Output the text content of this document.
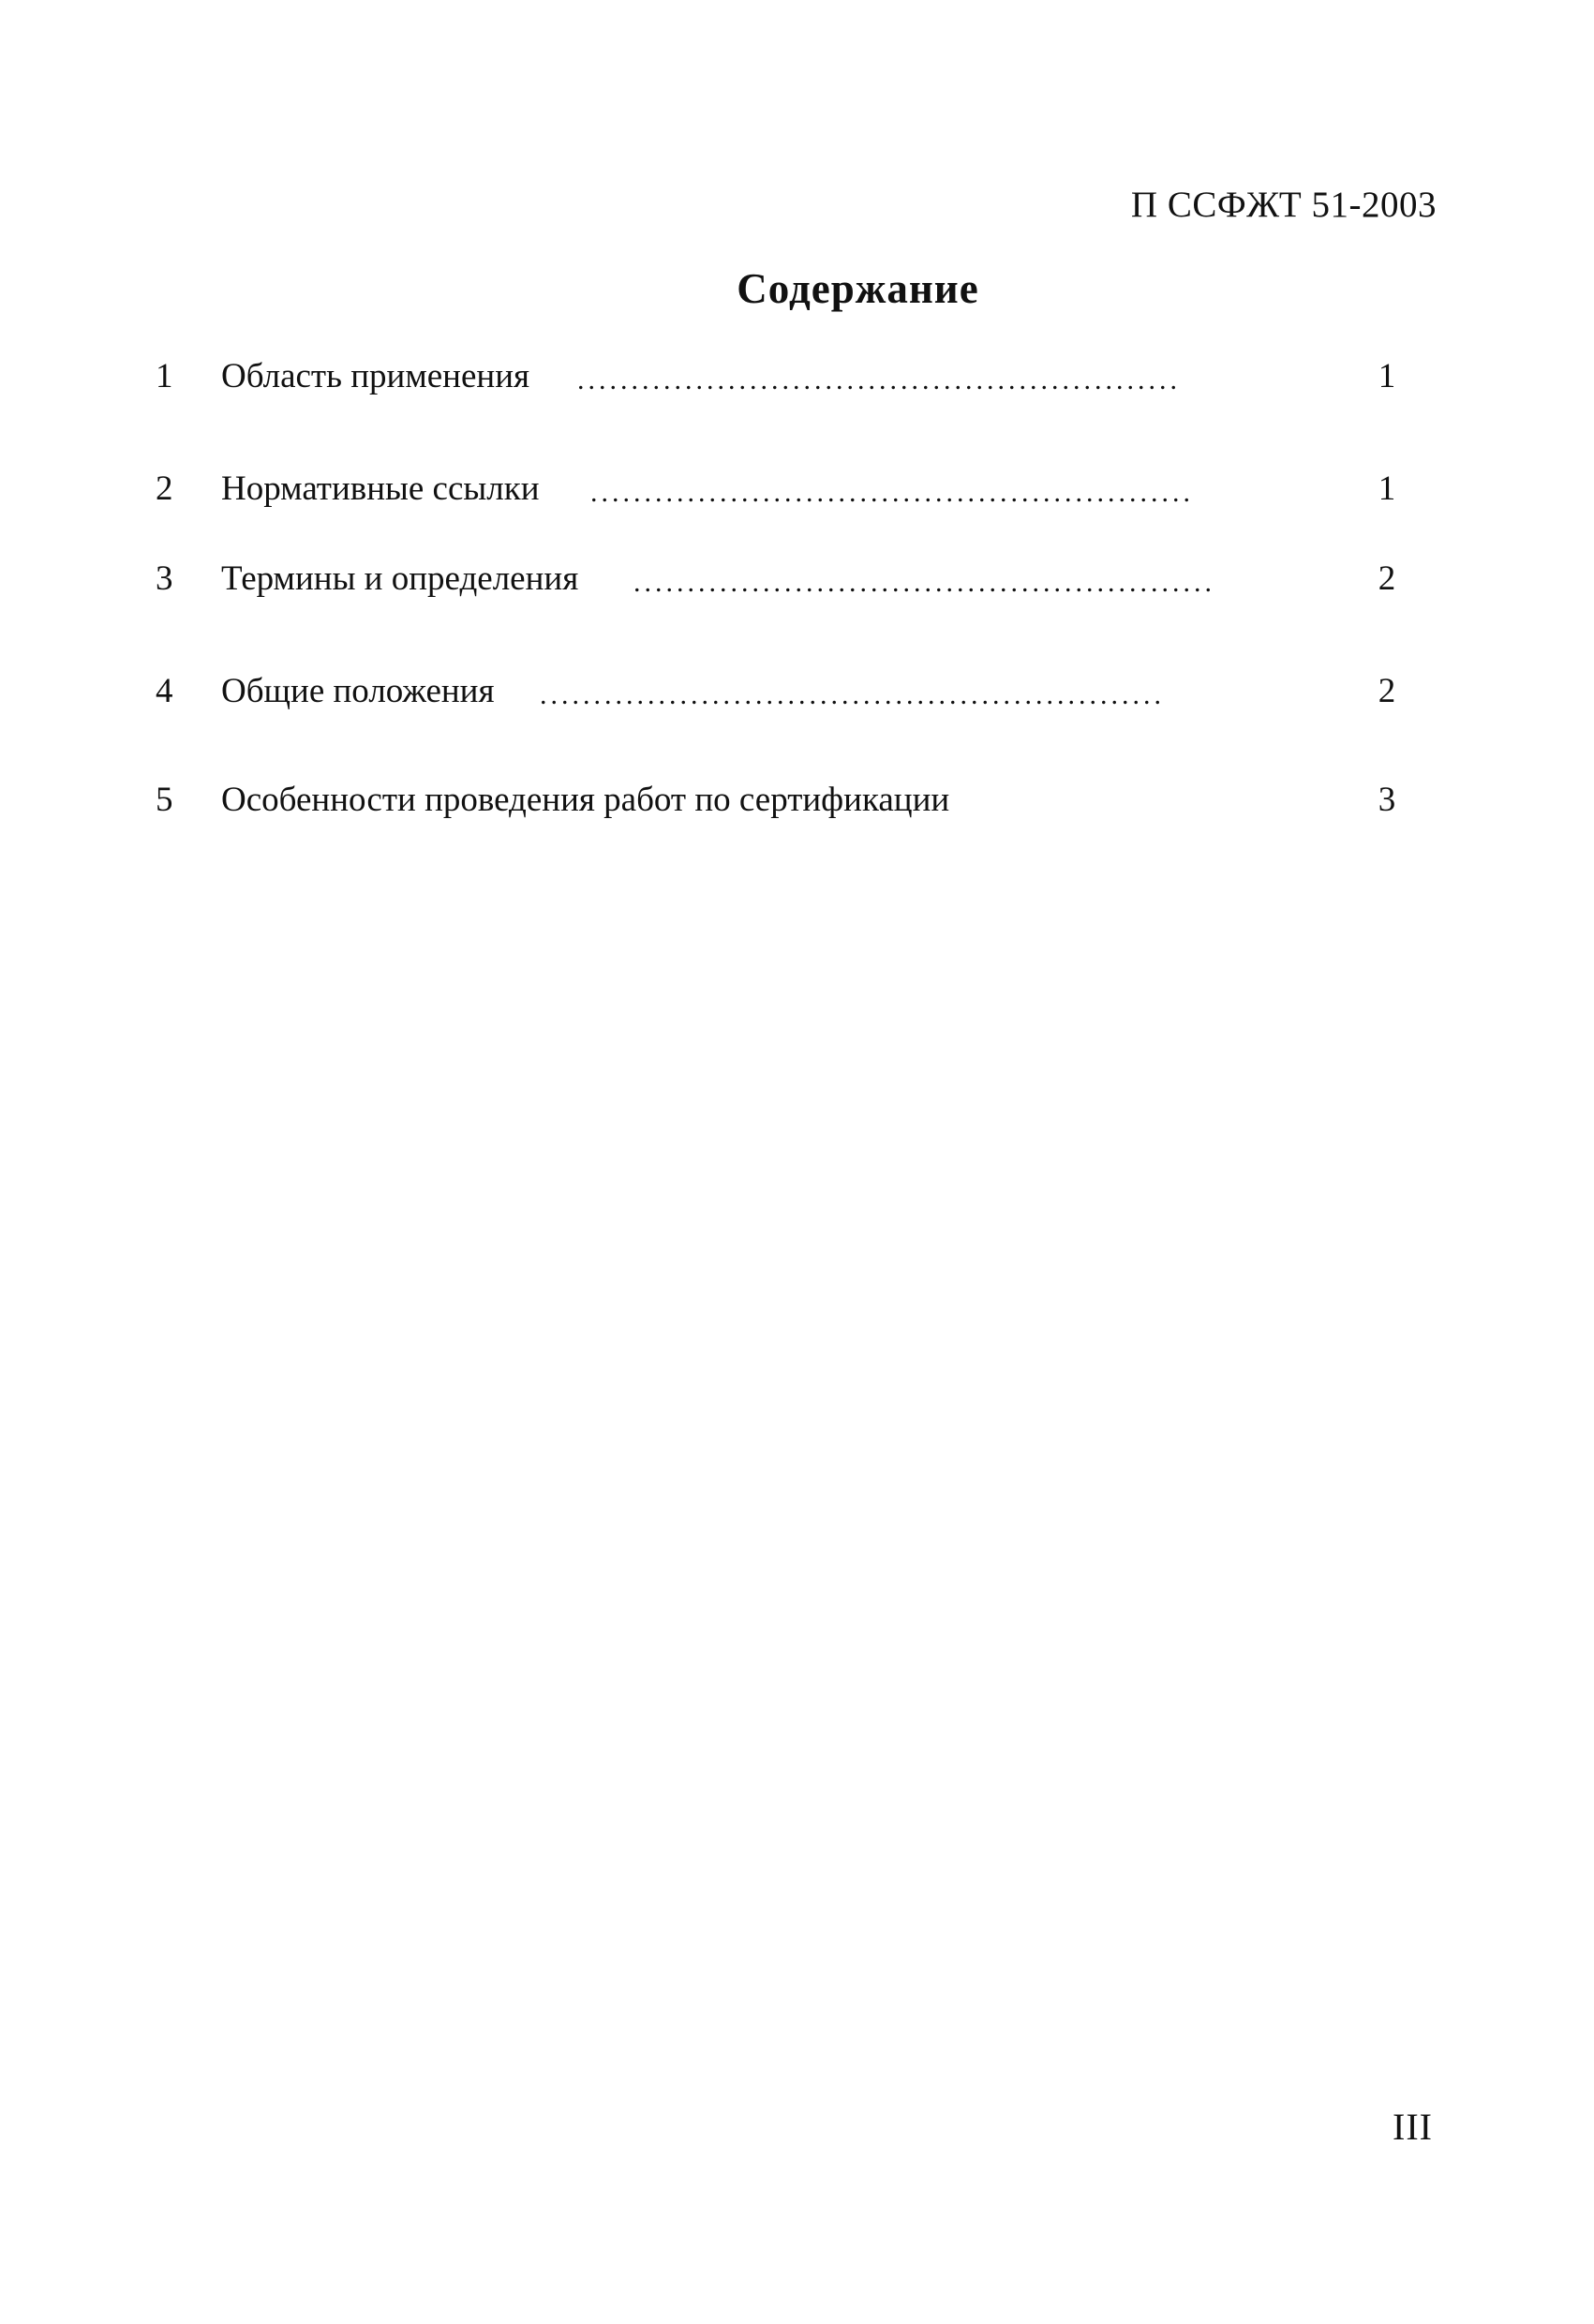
П ССФЖТ 51-2003
Содержание
1	Область применения ........................................................	1
2	Нормативные ссылки ........................................................	1
3	Термины и определения ......................................................	2
4	Общие положения ..........................................................	2
5	Особенности проведения работ по сертификации	3
III
